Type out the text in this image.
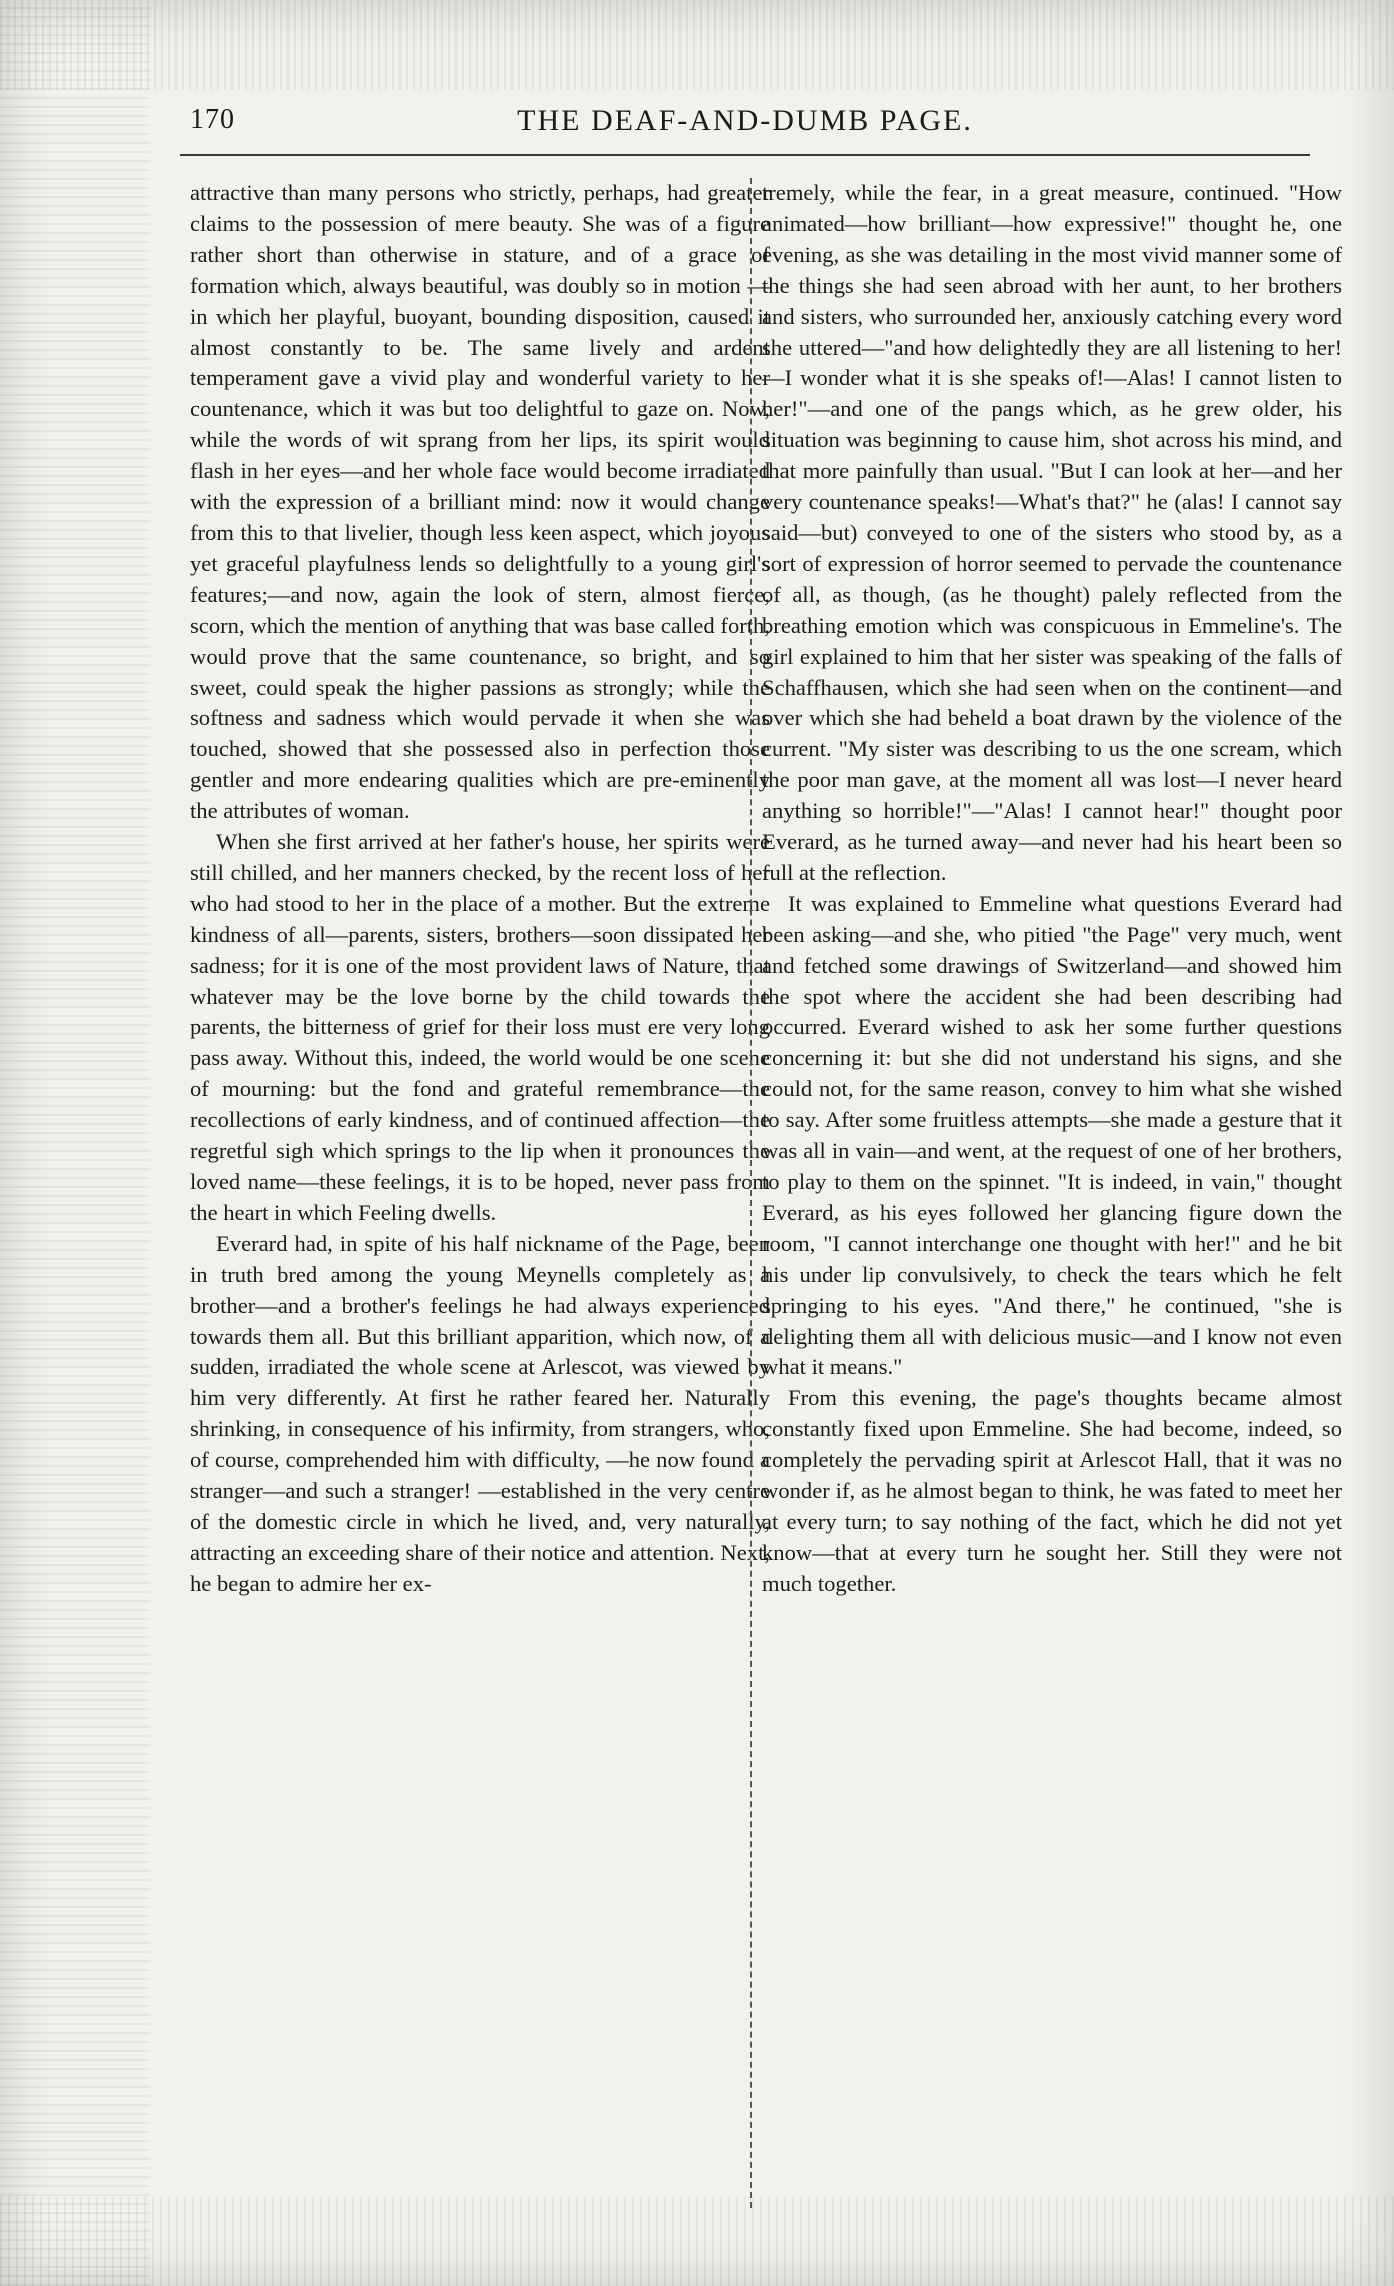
170	THE DEAF-AND-DUMB PAGE.

attractive than many persons who strictly, perhaps, had greater claims to the possession of mere beauty. She was of a figure rather short than otherwise in stature, and of a grace of formation which, always beautiful, was doubly so in motion —in which her playful, buoyant, bounding disposition, caused it almost constantly to be. The same lively and ardent temperament gave a vivid play and wonderful variety to her countenance, which it was but too delightful to gaze on. Now, while the words of wit sprang from her lips, its spirit would flash in her eyes—and her whole face would become irradiated with the expression of a brilliant mind: now it would change from this to that livelier, though less keen aspect, which joyous yet graceful playfulness lends so delightfully to a young girl's features;—and now, again the look of stern, almost fierce, scorn, which the mention of anything that was base called forth, would prove that the same countenance, so bright, and so sweet, could speak the higher passions as strongly; while the softness and sadness which would pervade it when she was touched, showed that she possessed also in perfection those gentler and more endearing qualities which are pre-eminently the attributes of woman.

When she first arrived at her father's house, her spirits were still chilled, and her manners checked, by the recent loss of her who had stood to her in the place of a mother. But the extreme kindness of all—parents, sisters, brothers—soon dissipated her sadness; for it is one of the most provident laws of Nature, that whatever may be the love borne by the child towards the parents, the bitterness of grief for their loss must ere very long pass away. Without this, indeed, the world would be one scene of mourning: but the fond and grateful remembrance—the recollections of early kindness, and of continued affection—the regretful sigh which springs to the lip when it pronounces the loved name—these feelings, it is to be hoped, never pass from the heart in which Feeling dwells.

Everard had, in spite of his half nickname of the Page, been in truth bred among the young Meynells completely as a brother—and a brother's feelings he had always experienced towards them all. But this brilliant apparition, which now, of a sudden, irradiated the whole scene at Arlescot, was viewed by him very differently. At first he rather feared her. Naturally shrinking, in consequence of his infirmity, from strangers, who, of course, comprehended him with difficulty, —he now found a stranger—and such a stranger! —established in the very centre of the domestic circle in which he lived, and, very naturally, attracting an exceeding share of their notice and attention. Next, he began to admire her ex-

tremely, while the fear, in a great measure, continued. "How animated—how brilliant—how expressive!" thought he, one evening, as she was detailing in the most vivid manner some of the things she had seen abroad with her aunt, to her brothers and sisters, who surrounded her, anxiously catching every word she uttered—"and how delightedly they are all listening to her!—I wonder what it is she speaks of!—Alas! I cannot listen to her!"—and one of the pangs which, as he grew older, his situation was beginning to cause him, shot across his mind, and that more painfully than usual. "But I can look at her—and her very countenance speaks!—What's that?" he (alas! I cannot say said—but) conveyed to one of the sisters who stood by, as a sort of expression of horror seemed to pervade the countenance of all, as though, (as he thought) palely reflected from the breathing emotion which was conspicuous in Emmeline's. The girl explained to him that her sister was speaking of the falls of Schaffhausen, which she had seen when on the continent—and over which she had beheld a boat drawn by the violence of the current. "My sister was describing to us the one scream, which the poor man gave, at the moment all was lost—I never heard anything so horrible!"—"Alas! I cannot hear!" thought poor Everard, as he turned away—and never had his heart been so full at the reflection.

It was explained to Emmeline what questions Everard had been asking—and she, who pitied "the Page" very much, went and fetched some drawings of Switzerland—and showed him the spot where the accident she had been describing had occurred. Everard wished to ask her some further questions concerning it: but she did not understand his signs, and she could not, for the same reason, convey to him what she wished to say. After some fruitless attempts—she made a gesture that it was all in vain—and went, at the request of one of her brothers, to play to them on the spinnet. "It is indeed, in vain," thought Everard, as his eyes followed her glancing figure down the room, "I cannot interchange one thought with her!" and he bit his under lip convulsively, to check the tears which he felt springing to his eyes. "And there," he continued, "she is delighting them all with delicious music—and I know not even what it means."

From this evening, the page's thoughts became almost constantly fixed upon Emmeline. She had become, indeed, so completely the pervading spirit at Arlescot Hall, that it was no wonder if, as he almost began to think, he was fated to meet her at every turn; to say nothing of the fact, which he did not yet know—that at every turn he sought her. Still they were not much together.
